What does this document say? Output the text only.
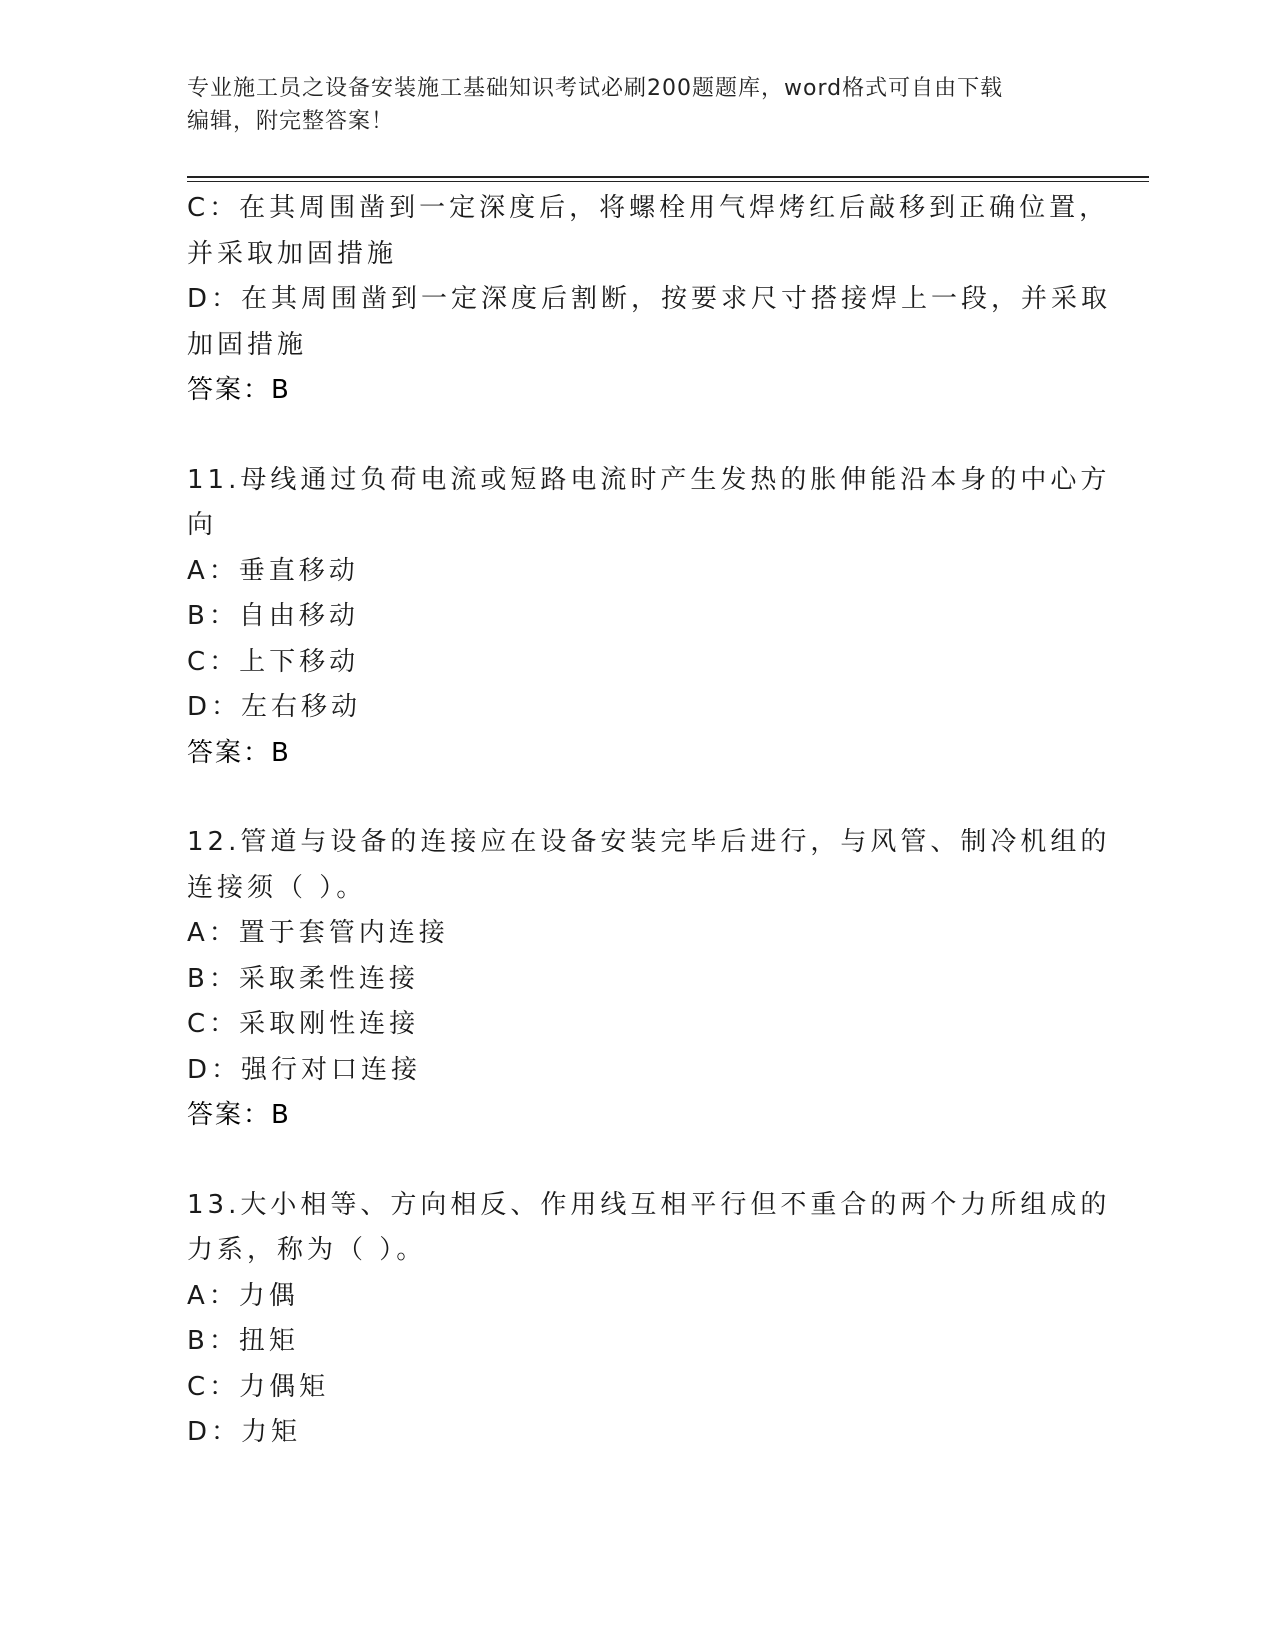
专业施工员之设备安装施工基础知识考试必刷200题题库，word格式可自由下载
编辑，附完整答案！
C：在其周围凿到一定深度后，将螺栓用气焊烤红后敲移到正确位置，
并采取加固措施
D：在其周围凿到一定深度后割断，按要求尺寸搭接焊上一段，并采取
加固措施
答案：B
11.母线通过负荷电流或短路电流时产生发热的胀伸能沿本身的中心方
向
A：垂直移动
B：自由移动
C：上下移动
D：左右移动
答案：B
12.管道与设备的连接应在设备安装完毕后进行，与风管、制冷机组的
连接须（ ）。
A：置于套管内连接
B：采取柔性连接
C：采取刚性连接
D：强行对口连接
答案：B
13.大小相等、方向相反、作用线互相平行但不重合的两个力所组成的
力系，称为（ ）。
A：力偶
B：扭矩
C：力偶矩
D：力矩
